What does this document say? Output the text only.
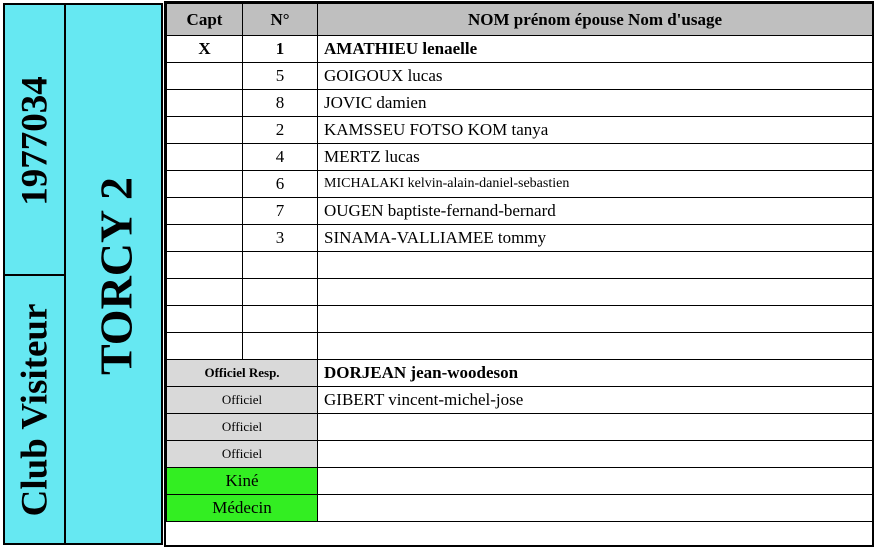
1977034
Club Visiteur
TORCY 2
Capt	N°	NOM prénom épouse Nom d'usage
X	1	AMATHIEU lenaelle
	5	GOIGOUX lucas
	8	JOVIC damien
	2	KAMSSEU FOTSO KOM tanya
	4	MERTZ lucas
	6	MICHALAKI kelvin-alain-daniel-sebastien
	7	OUGEN baptiste-fernand-bernard
	3	SINAMA-VALLIAMEE tommy

Officiel Resp.		DORJEAN jean-woodeson
Officiel		GIBERT vincent-michel-jose
Officiel		
Officiel		
Kiné		
Médecin		
